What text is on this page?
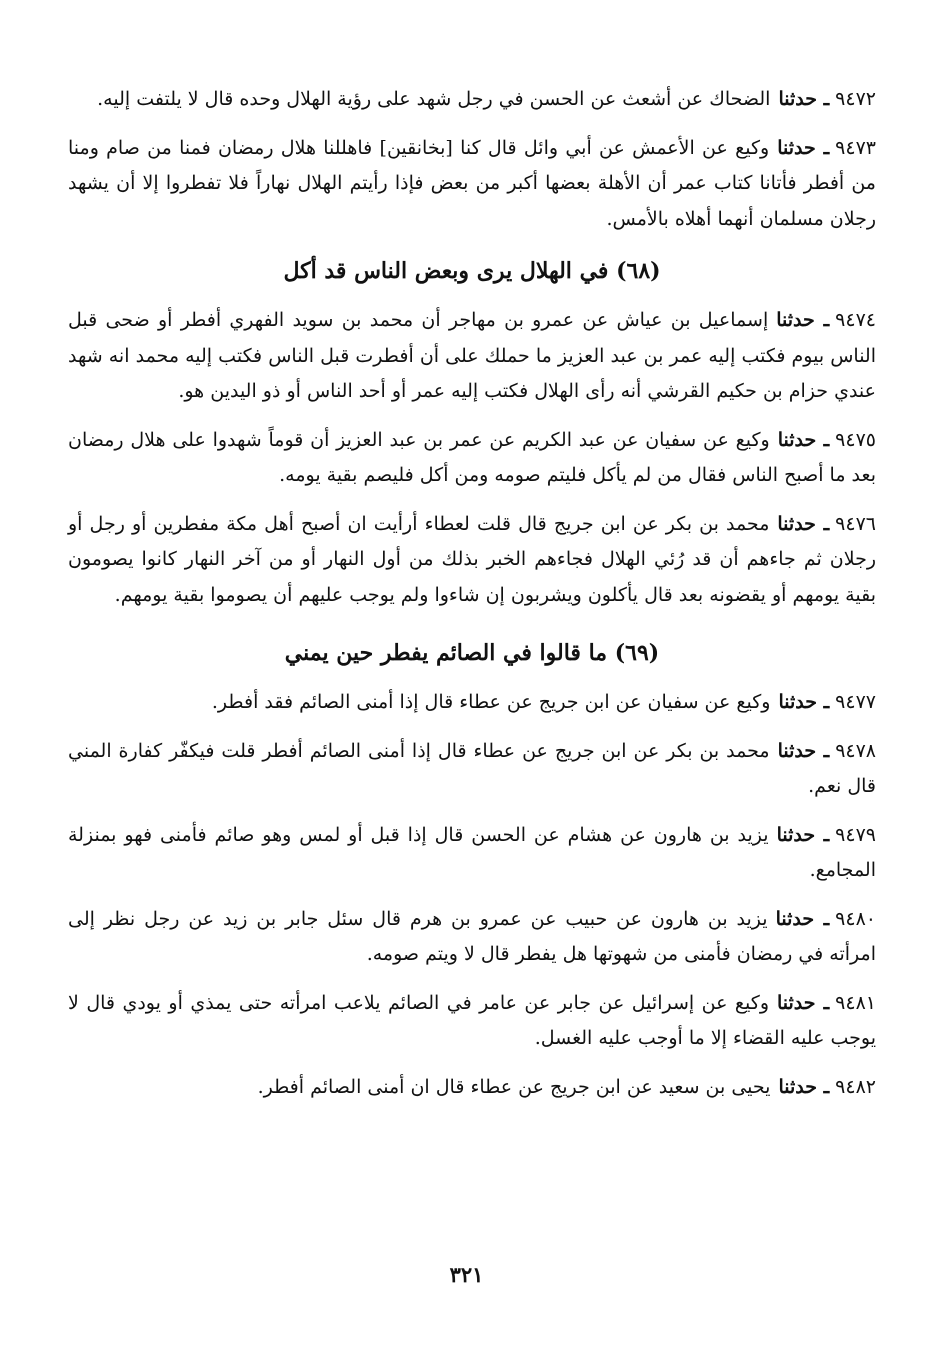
٩٤٧٢ـ حدثناالضحاك عن أشعث عن الحسن في رجل شهد على رؤية الهلال وحده قال لا يلتفت إليه.

٩٤٧٣ـ حدثناوكيع عن الأعمش عن أبي وائل قال كنا [بخانقين] فاهللنا هلال رمضان فمنا من صام ومنا من أفطر فأتانا كتاب عمر أن الأهلة بعضها أكبر من بعض فإذا رأيتم الهلال نهاراً فلا تفطروا إلا أن يشهد رجلان مسلمان أنهما أهلاه بالأمس.

(٦٨) في الهلال يرى وبعض الناس قد أكل

٩٤٧٤ـ حدثناإسماعيل بن عياش عن عمرو بن مهاجر أن محمد بن سويد الفهري أفطر أو ضحى قبل الناس بيوم فكتب إليه عمر بن عبد العزيز ما حملك على أن أفطرت قبل الناس فكتب إليه محمد انه شهد عندي حزام بن حكيم القرشي أنه رأى الهلال فكتب إليه عمر أو أحد الناس أو ذو اليدين هو.

٩٤٧٥ـ حدثناوكيع عن سفيان عن عبد الكريم عن عمر بن عبد العزيز أن قوماً شهدوا على هلال رمضان بعد ما أصبح الناس فقال من لم يأكل فليتم صومه ومن أكل فليصم بقية يومه.

٩٤٧٦ـ حدثنامحمد بن بكر عن ابن جريج قال قلت لعطاء أرأيت ان أصبح أهل مكة مفطرين أو رجل أو رجلان ثم جاءهم أن قد رُئي الهلال فجاءهم الخبر بذلك من أول النهار أو من آخر النهار كانوا يصومون بقية يومهم أو يقضونه بعد قال يأكلون ويشربون إن شاءوا ولم يوجب عليهم أن يصوموا بقية يومهم.

(٦٩) ما قالوا في الصائم يفطر حين يمني

٩٤٧٧ـ حدثناوكيع عن سفيان عن ابن جريج عن عطاء قال إذا أمنى الصائم فقد أفطر.

٩٤٧٨ـ حدثنامحمد بن بكر عن ابن جريج عن عطاء قال إذا أمنى الصائم أفطر قلت فيكفّر كفارة المني قال نعم.

٩٤٧٩ـ حدثنايزيد بن هارون عن هشام عن الحسن قال إذا قبل أو لمس وهو صائم فأمنى فهو بمنزلة المجامع.

٩٤٨٠ـ حدثنايزيد بن هارون عن حبيب عن عمرو بن هرم قال سئل جابر بن زيد عن رجل نظر إلى امرأته في رمضان فأمنى من شهوتها هل يفطر قال لا ويتم صومه.

٩٤٨١ـ حدثناوكيع عن إسرائيل عن جابر عن عامر في الصائم يلاعب امرأته حتى يمذي أو يودي قال لا يوجب عليه القضاء إلا ما أوجب عليه الغسل.

٩٤٨٢ـ حدثنايحيى بن سعيد عن ابن جريج عن عطاء قال ان أمنى الصائم أفطر.

٣٢١
